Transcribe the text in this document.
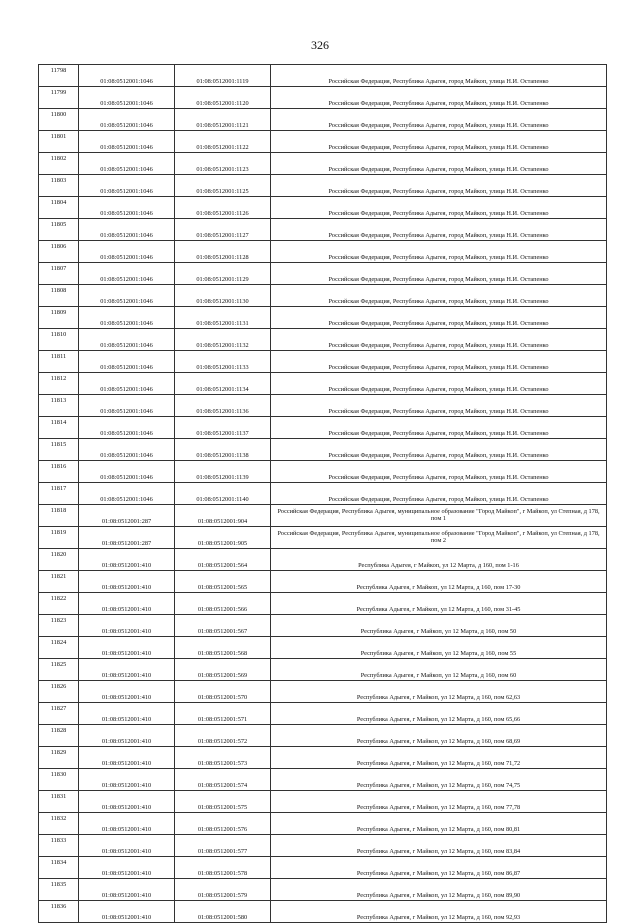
326
11798	01:08:0512001:1046	01:08:0512001:1119	Российская Федерация, Республика Адыгея, город Майкоп, улица Н.И. Остапенко
11799	01:08:0512001:1046	01:08:0512001:1120	Российская Федерация, Республика Адыгея, город Майкоп, улица Н.И. Остапенко
11800	01:08:0512001:1046	01:08:0512001:1121	Российская Федерация, Республика Адыгея, город Майкоп, улица Н.И. Остапенко
11801	01:08:0512001:1046	01:08:0512001:1122	Российская Федерация, Республика Адыгея, город Майкоп, улица Н.И. Остапенко
11802	01:08:0512001:1046	01:08:0512001:1123	Российская Федерация, Республика Адыгея, город Майкоп, улица Н.И. Остапенко
11803	01:08:0512001:1046	01:08:0512001:1125	Российская Федерация, Республика Адыгея, город Майкоп, улица Н.И. Остапенко
11804	01:08:0512001:1046	01:08:0512001:1126	Российская Федерация, Республика Адыгея, город Майкоп, улица Н.И. Остапенко
11805	01:08:0512001:1046	01:08:0512001:1127	Российская Федерация, Республика Адыгея, город Майкоп, улица Н.И. Остапенко
11806	01:08:0512001:1046	01:08:0512001:1128	Российская Федерация, Республика Адыгея, город Майкоп, улица Н.И. Остапенко
11807	01:08:0512001:1046	01:08:0512001:1129	Российская Федерация, Республика Адыгея, город Майкоп, улица Н.И. Остапенко
11808	01:08:0512001:1046	01:08:0512001:1130	Российская Федерация, Республика Адыгея, город Майкоп, улица Н.И. Остапенко
11809	01:08:0512001:1046	01:08:0512001:1131	Российская Федерация, Республика Адыгея, город Майкоп, улица Н.И. Остапенко
11810	01:08:0512001:1046	01:08:0512001:1132	Российская Федерация, Республика Адыгея, город Майкоп, улица Н.И. Остапенко
11811	01:08:0512001:1046	01:08:0512001:1133	Российская Федерация, Республика Адыгея, город Майкоп, улица Н.И. Остапенко
11812	01:08:0512001:1046	01:08:0512001:1134	Российская Федерация, Республика Адыгея, город Майкоп, улица Н.И. Остапенко
11813	01:08:0512001:1046	01:08:0512001:1136	Российская Федерация, Республика Адыгея, город Майкоп, улица Н.И. Остапенко
11814	01:08:0512001:1046	01:08:0512001:1137	Российская Федерация, Республика Адыгея, город Майкоп, улица Н.И. Остапенко
11815	01:08:0512001:1046	01:08:0512001:1138	Российская Федерация, Республика Адыгея, город Майкоп, улица Н.И. Остапенко
11816	01:08:0512001:1046	01:08:0512001:1139	Российская Федерация, Республика Адыгея, город Майкоп, улица Н.И. Остапенко
11817	01:08:0512001:1046	01:08:0512001:1140	Российская Федерация, Республика Адыгея, город Майкоп, улица Н.И. Остапенко
11818	01:08:0512001:287	01:08:0512001:904	Российская Федерация, Республика Адыгея, муниципальное образование "Город Майкоп", г Майкоп, ул Степная, д 178, пом 1
11819	01:08:0512001:287	01:08:0512001:905	Российская Федерация, Республика Адыгея, муниципальное образование "Город Майкоп", г Майкоп, ул Степная, д 178, пом 2
11820	01:08:0512001:410	01:08:0512001:564	Республика Адыгея, г Майкоп, ул 12 Марта, д 160, пом 1-16
11821	01:08:0512001:410	01:08:0512001:565	Республика Адыгея, г Майкоп, ул 12 Марта, д 160, пом 17-30
11822	01:08:0512001:410	01:08:0512001:566	Республика Адыгея, г Майкоп, ул 12 Марта, д 160, пом 31-45
11823	01:08:0512001:410	01:08:0512001:567	Республика Адыгея, г Майкоп, ул 12 Марта, д 160, пом 50
11824	01:08:0512001:410	01:08:0512001:568	Республика Адыгея, г Майкоп, ул 12 Марта, д 160, пом 55
11825	01:08:0512001:410	01:08:0512001:569	Республика Адыгея, г Майкоп, ул 12 Марта, д 160, пом 60
11826	01:08:0512001:410	01:08:0512001:570	Республика Адыгея, г Майкоп, ул 12 Марта, д 160, пом 62,63
11827	01:08:0512001:410	01:08:0512001:571	Республика Адыгея, г Майкоп, ул 12 Марта, д 160, пом 65,66
11828	01:08:0512001:410	01:08:0512001:572	Республика Адыгея, г Майкоп, ул 12 Марта, д 160, пом 68,69
11829	01:08:0512001:410	01:08:0512001:573	Республика Адыгея, г Майкоп, ул 12 Марта, д 160, пом 71,72
11830	01:08:0512001:410	01:08:0512001:574	Республика Адыгея, г Майкоп, ул 12 Марта, д 160, пом 74,75
11831	01:08:0512001:410	01:08:0512001:575	Республика Адыгея, г Майкоп, ул 12 Марта, д 160, пом 77,78
11832	01:08:0512001:410	01:08:0512001:576	Республика Адыгея, г Майкоп, ул 12 Марта, д 160, пом 80,81
11833	01:08:0512001:410	01:08:0512001:577	Республика Адыгея, г Майкоп, ул 12 Марта, д 160, пом 83,84
11834	01:08:0512001:410	01:08:0512001:578	Республика Адыгея, г Майкоп, ул 12 Марта, д 160, пом 86,87
11835	01:08:0512001:410	01:08:0512001:579	Республика Адыгея, г Майкоп, ул 12 Марта, д 160, пом 89,90
11836	01:08:0512001:410	01:08:0512001:580	Республика Адыгея, г Майкоп, ул 12 Марта, д 160, пом 92,93
